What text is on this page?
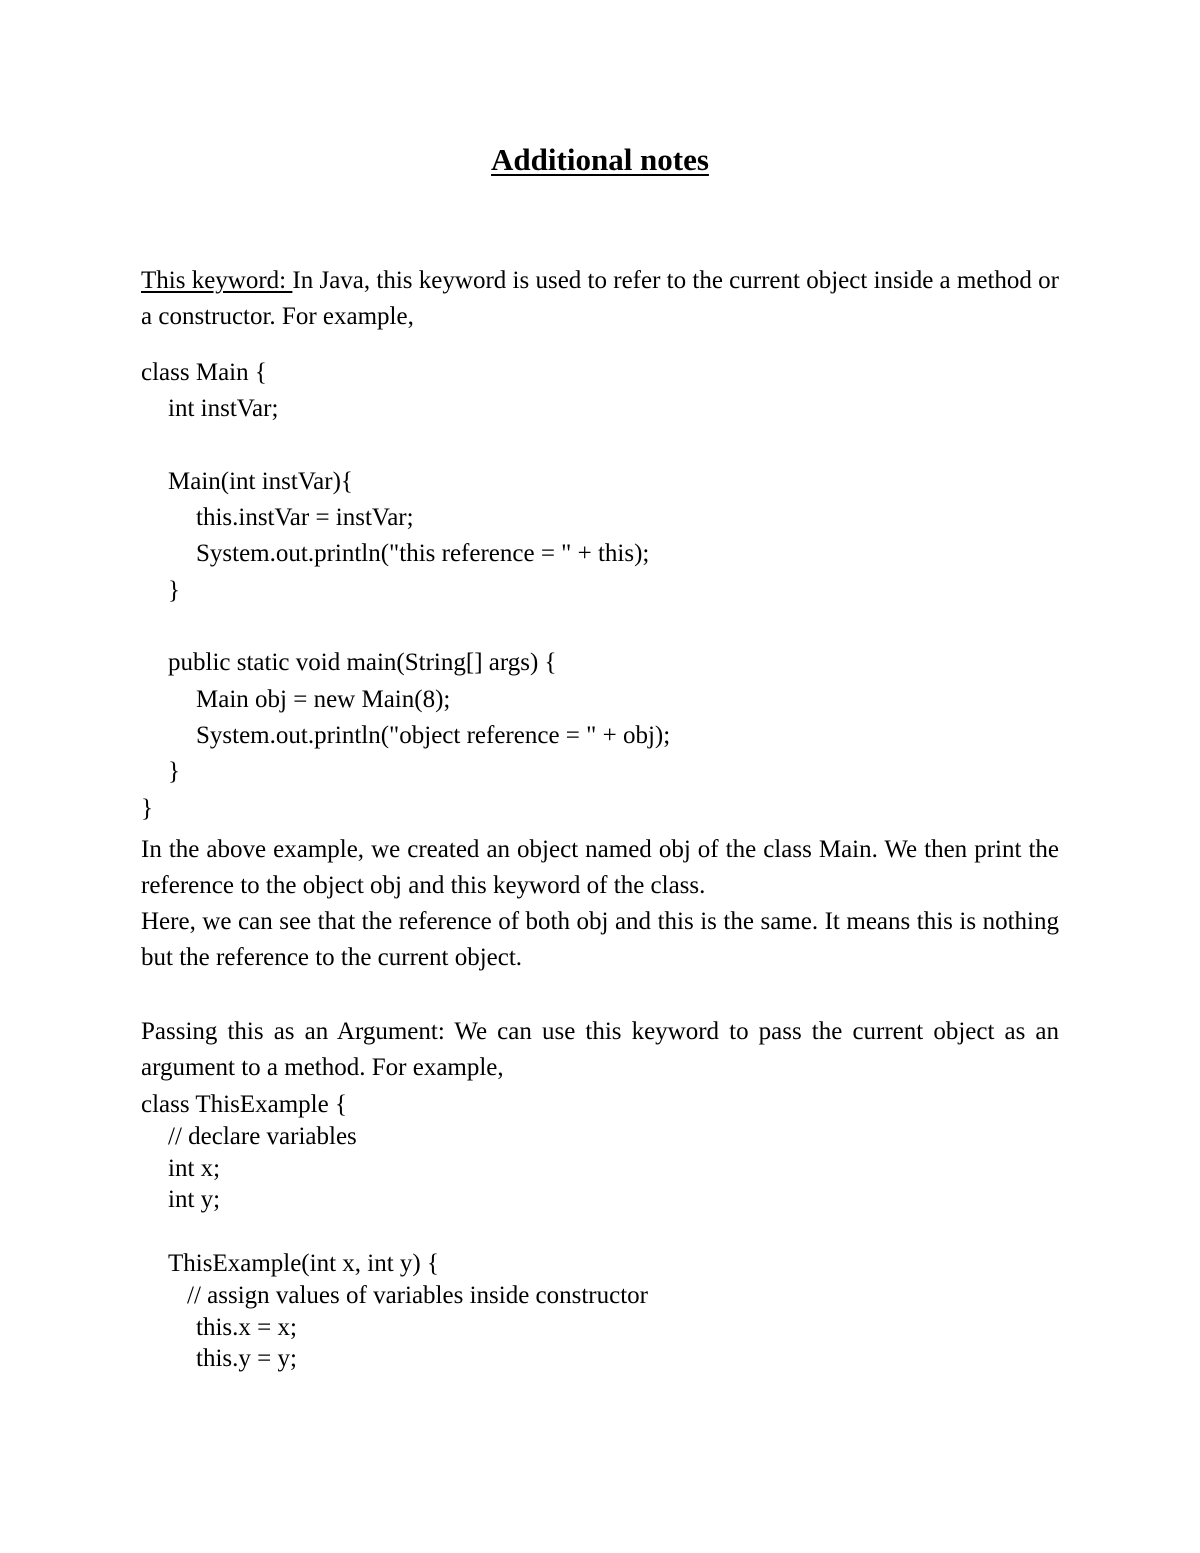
Additional notes

This keyword: In Java, this keyword is used to refer to the current object inside a method or a constructor. For example,

class Main {
int instVar;
Main(int instVar){
this.instVar = instVar;
System.out.println("this reference = " + this);
}
public static void main(String[] args) {
Main obj = new Main(8);
System.out.println("object reference = " + obj);
}
}

In the above example, we created an object named obj of the class Main. We then print the reference to the object obj and this keyword of the class.
Here, we can see that the reference of both obj and this is the same. It means this is nothing but the reference to the current object.

Passing this as an Argument: We can use this keyword to pass the current object as an argument to a method. For example,

class ThisExample {
// declare variables
int x;
int y;
ThisExample(int x, int y) {
// assign values of variables inside constructor
this.x = x;
this.y = y;
